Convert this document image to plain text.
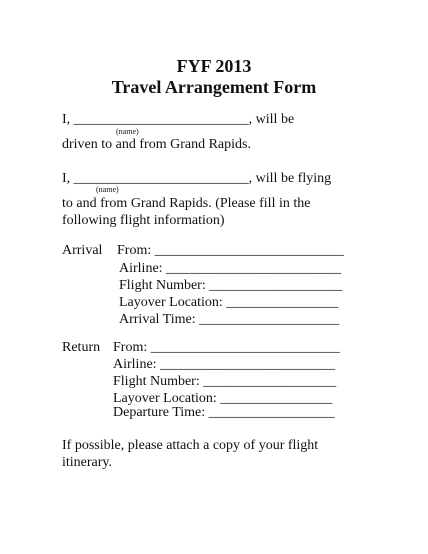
FYF 2013
Travel Arrangement Form
I, _________________________, will be
(name)
driven to and from Grand Rapids.
I, _________________________, will be flying
(name)
to and from Grand Rapids. (Please fill in the
following flight information)
Arrival From: ___________________________
Airline: _________________________
Flight Number: ___________________
Layover Location: ________________
Arrival Time: ____________________
Return From: ___________________________
Airline: _________________________
Flight Number: ___________________
Layover Location: ________________
Departure Time: __________________
If possible, please attach a copy of your flight
itinerary.
